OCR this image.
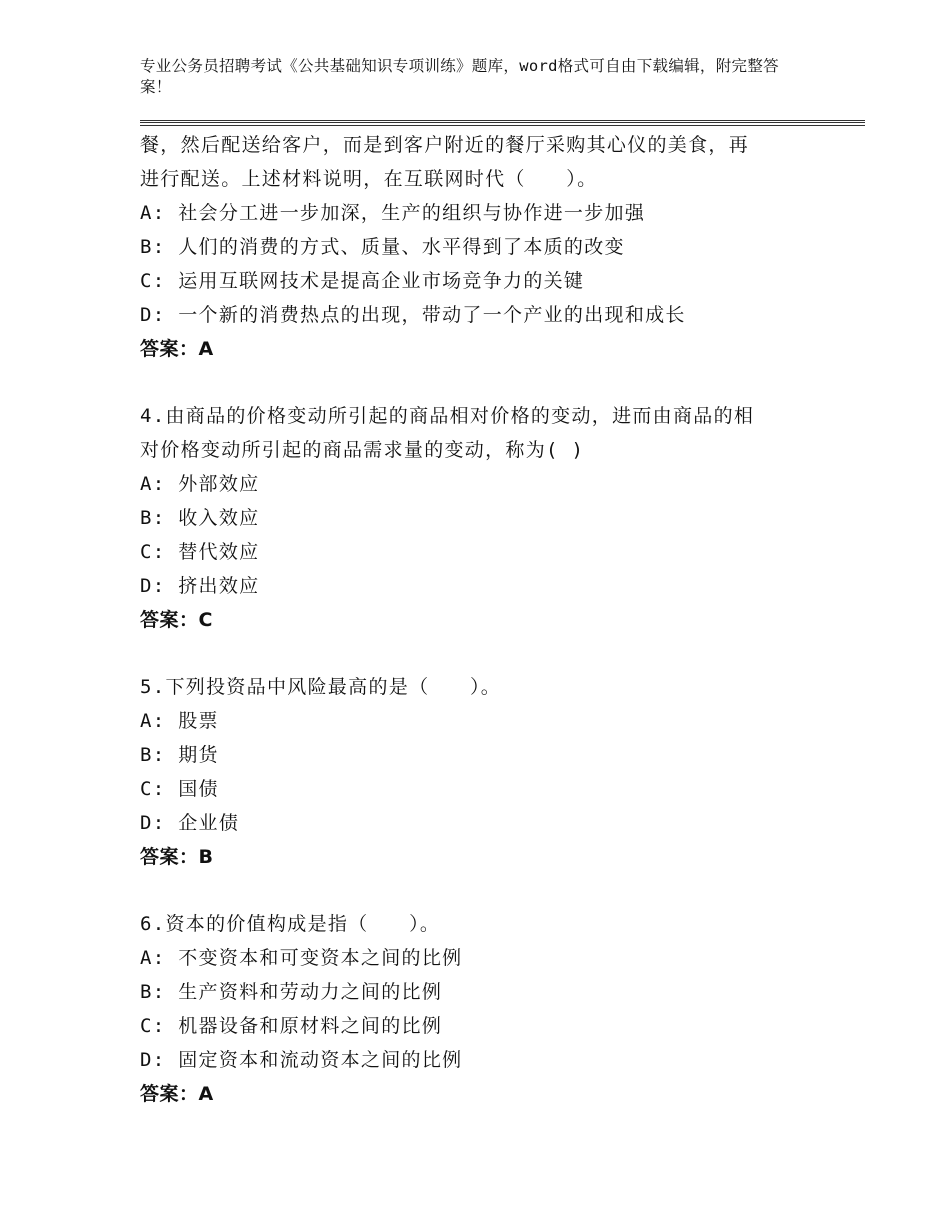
专业公务员招聘考试《公共基础知识专项训练》题库，word格式可自由下载编辑，附完整答案！
餐，然后配送给客户，而是到客户附近的餐厅采购其心仪的美食，再
进行配送。上述材料说明，在互联网时代（　　）。
A: 社会分工进一步加深，生产的组织与协作进一步加强
B: 人们的消费的方式、质量、水平得到了本质的改变
C: 运用互联网技术是提高企业市场竞争力的关键
D: 一个新的消费热点的出现，带动了一个产业的出现和成长
答案：A
4.由商品的价格变动所引起的商品相对价格的变动，进而由商品的相
对价格变动所引起的商品需求量的变动，称为( )
A: 外部效应
B: 收入效应
C: 替代效应
D: 挤出效应
答案：C
5.下列投资品中风险最高的是（　　）。
A: 股票
B: 期货
C: 国债
D: 企业债
答案：B
6.资本的价值构成是指（　　）。
A: 不变资本和可变资本之间的比例
B: 生产资料和劳动力之间的比例
C: 机器设备和原材料之间的比例
D: 固定资本和流动资本之间的比例
答案：A
